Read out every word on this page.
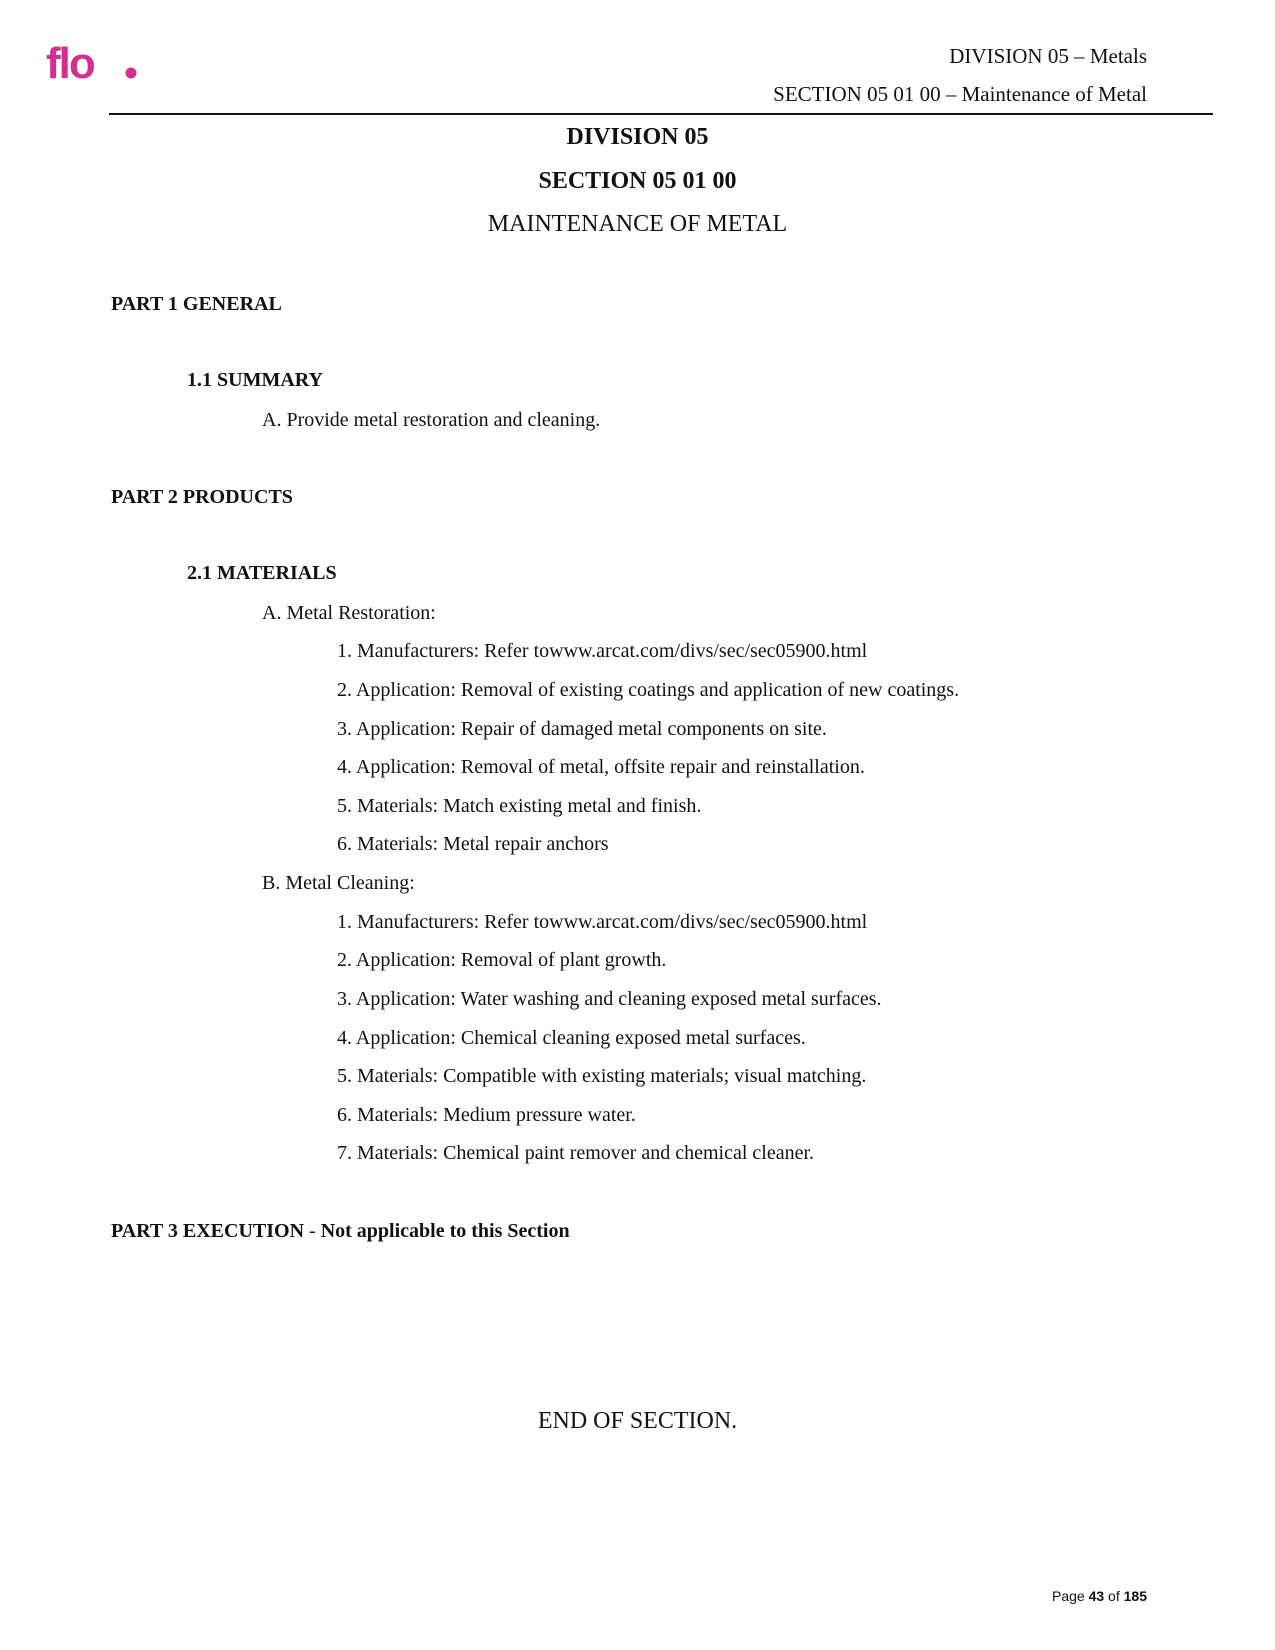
flo	DIVISION 05 – Metals
SECTION 05 01 00 – Maintenance of Metal
DIVISION 05
SECTION 05 01 00
MAINTENANCE OF METAL
PART 1 GENERAL
1.1 SUMMARY
A. Provide metal restoration and cleaning.
PART 2 PRODUCTS
2.1 MATERIALS
A. Metal Restoration:
1. Manufacturers: Refer towww.arcat.com/divs/sec/sec05900.html
2. Application: Removal of existing coatings and application of new coatings.
3. Application: Repair of damaged metal components on site.
4. Application: Removal of metal, offsite repair and reinstallation.
5. Materials: Match existing metal and finish.
6. Materials: Metal repair anchors
B. Metal Cleaning:
1. Manufacturers: Refer towww.arcat.com/divs/sec/sec05900.html
2. Application: Removal of plant growth.
3. Application: Water washing and cleaning exposed metal surfaces.
4. Application: Chemical cleaning exposed metal surfaces.
5. Materials: Compatible with existing materials; visual matching.
6. Materials: Medium pressure water.
7. Materials: Chemical paint remover and chemical cleaner.
PART 3 EXECUTION - Not applicable to this Section
END OF SECTION.
Page 43 of 185
